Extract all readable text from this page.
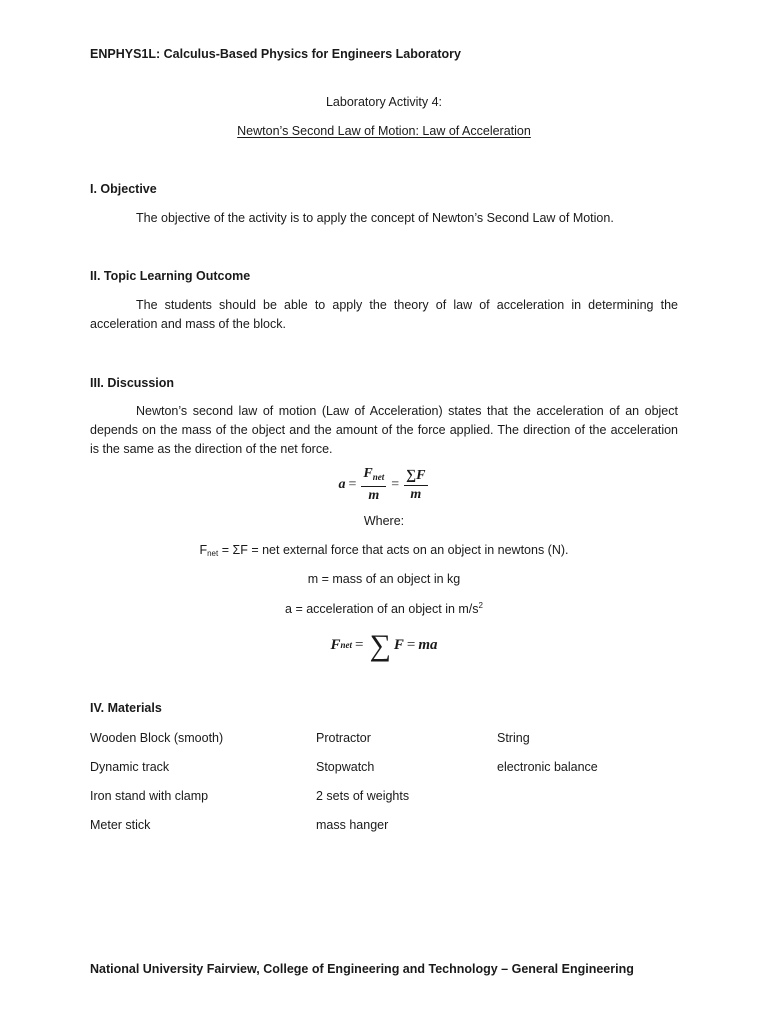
ENPHYS1L: Calculus-Based Physics for Engineers Laboratory
Laboratory Activity 4:
Newton’s Second Law of Motion: Law of Acceleration
I. Objective
The objective of the activity is to apply the concept of Newton’s Second Law of Motion.
II. Topic Learning Outcome
The students should be able to apply the theory of law of acceleration in determining the acceleration and mass of the block.
III. Discussion
Newton’s second law of motion (Law of Acceleration) states that the acceleration of an object depends on the mass of the object and the amount of the force applied. The direction of the acceleration is the same as the direction of the net force.
$a = \frac{F_{net}}{m} = \frac{\sum F}{m}$
Where:
Fnet = ΣF = net external force that acts on an object in newtons (N).
m = mass of an object in kg
a = acceleration of an object in $m/s^2$
F net = ∑ F = ma
IV. Materials
Wooden Block (smooth)
Dynamic track
Iron stand with clamp
Meter stick
Protractor
Stopwatch
2 sets of weights
mass hanger
String
electronic balance
National University Fairview, College of Engineering and Technology – General Engineering
